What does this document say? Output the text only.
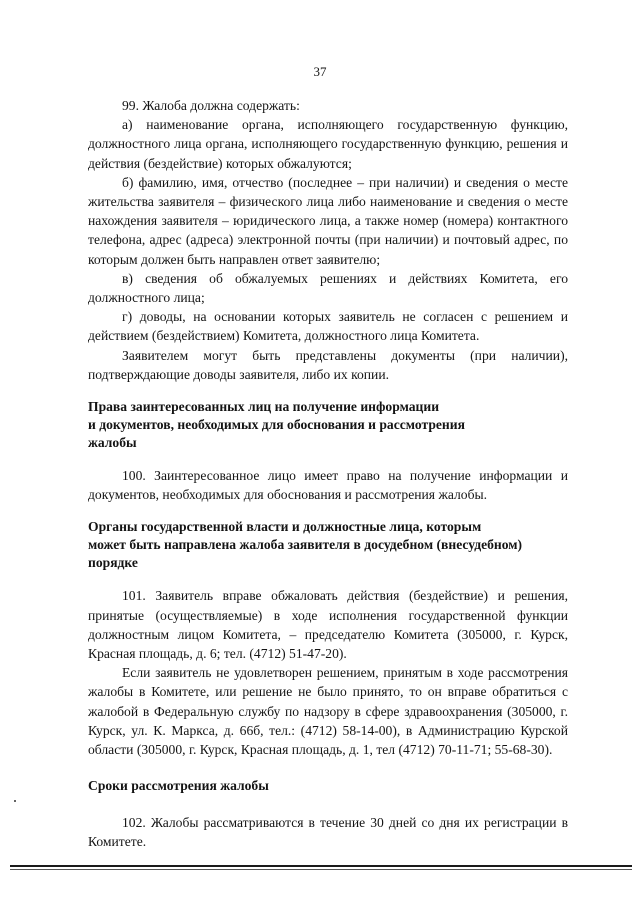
37

99. Жалоба должна содержать:

а) наименование органа, исполняющего государственную функцию, должностного лица органа, исполняющего государственную функцию, решения и действия (бездействие) которых обжалуются;

б) фамилию, имя, отчество (последнее – при наличии) и сведения о месте жительства заявителя – физического лица либо наименование и сведения о месте нахождения заявителя – юридического лица, а также номер (номера) контактного телефона, адрес (адреса) электронной почты (при наличии) и почтовый адрес, по которым должен быть направлен ответ заявителю;

в) сведения об обжалуемых решениях и действиях Комитета, его должностного лица;

г) доводы, на основании которых заявитель не согласен с решением и действием (бездействием) Комитета, должностного лица Комитета.

Заявителем могут быть представлены документы (при наличии), подтверждающие доводы заявителя, либо их копии.

Права заинтересованных лиц на получение информации

и документов, необходимых для обоснования и рассмотрения

жалобы

100. Заинтересованное лицо имеет право на получение информации и документов, необходимых для обоснования и рассмотрения жалобы.

Органы государственной власти и должностные лица, которым

может быть направлена жалоба заявителя в досудебном (внесудебном)

порядке

101. Заявитель вправе обжаловать действия (бездействие) и решения, принятые (осуществляемые) в ходе исполнения государственной функции должностным лицом Комитета, – председателю Комитета (305000, г. Курск, Красная площадь, д. 6; тел. (4712) 51-47-20).

Если заявитель не удовлетворен решением, принятым в ходе рассмотрения жалобы в Комитете, или решение не было принято, то он вправе обратиться с жалобой в Федеральную службу по надзору в сфере здравоохранения (305000, г. Курск, ул. К. Маркса, д. 66б, тел.: (4712) 58-14-00), в Администрацию Курской области (305000, г. Курск, Красная площадь, д. 1, тел (4712) 70-11-71; 55-68-30).

Сроки рассмотрения жалобы

102. Жалобы рассматриваются в течение 30 дней со дня их регистрации в Комитете.
